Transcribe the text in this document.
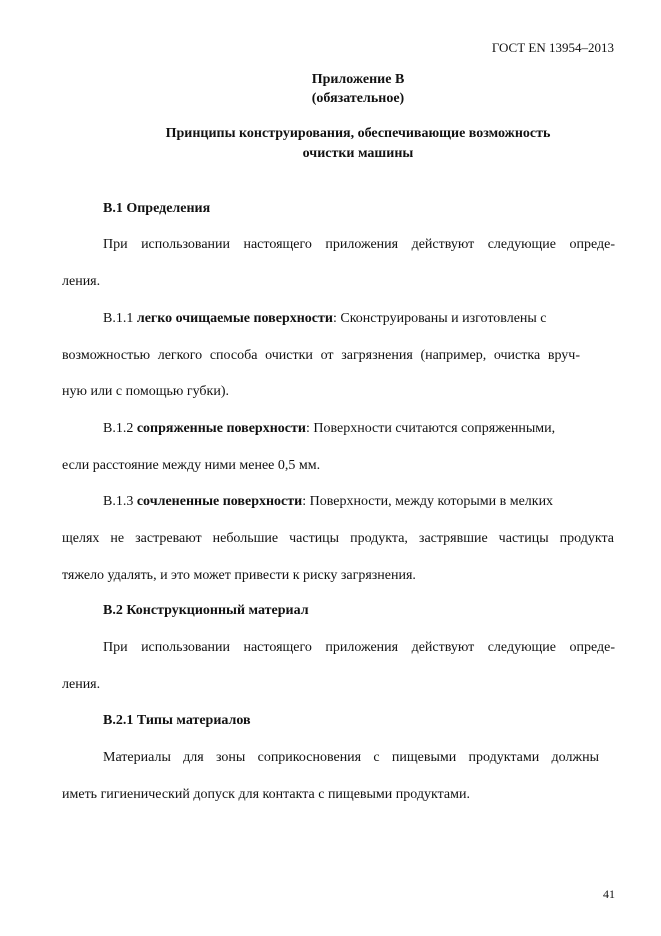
ГОСТ EN 13954–2013
Приложение В
(обязательное)
Принципы конструирования, обеспечивающие возможность
очистки машины
В.1 Определения
При использовании настоящего приложения действуют следующие опреде-
ления.
В.1.1 легко очищаемые поверхности: Сконструированы и изготовлены с
возможностью легкого способа очистки от загрязнения (например, очистка вруч-
ную или с помощью губки).
В.1.2 сопряженные поверхности: Поверхности считаются сопряженными,
если расстояние между ними менее 0,5 мм.
В.1.3 сочлененные поверхности: Поверхности, между которыми в мелких
щелях не застревают небольшие частицы продукта, застрявшие частицы продукта
тяжело удалять, и это может привести к риску загрязнения.
В.2 Конструкционный материал
При использовании настоящего приложения действуют следующие опреде-
ления.
В.2.1 Типы материалов
Материалы для зоны соприкосновения с пищевыми продуктами должны
иметь гигиенический допуск для контакта с пищевыми продуктами.
41
